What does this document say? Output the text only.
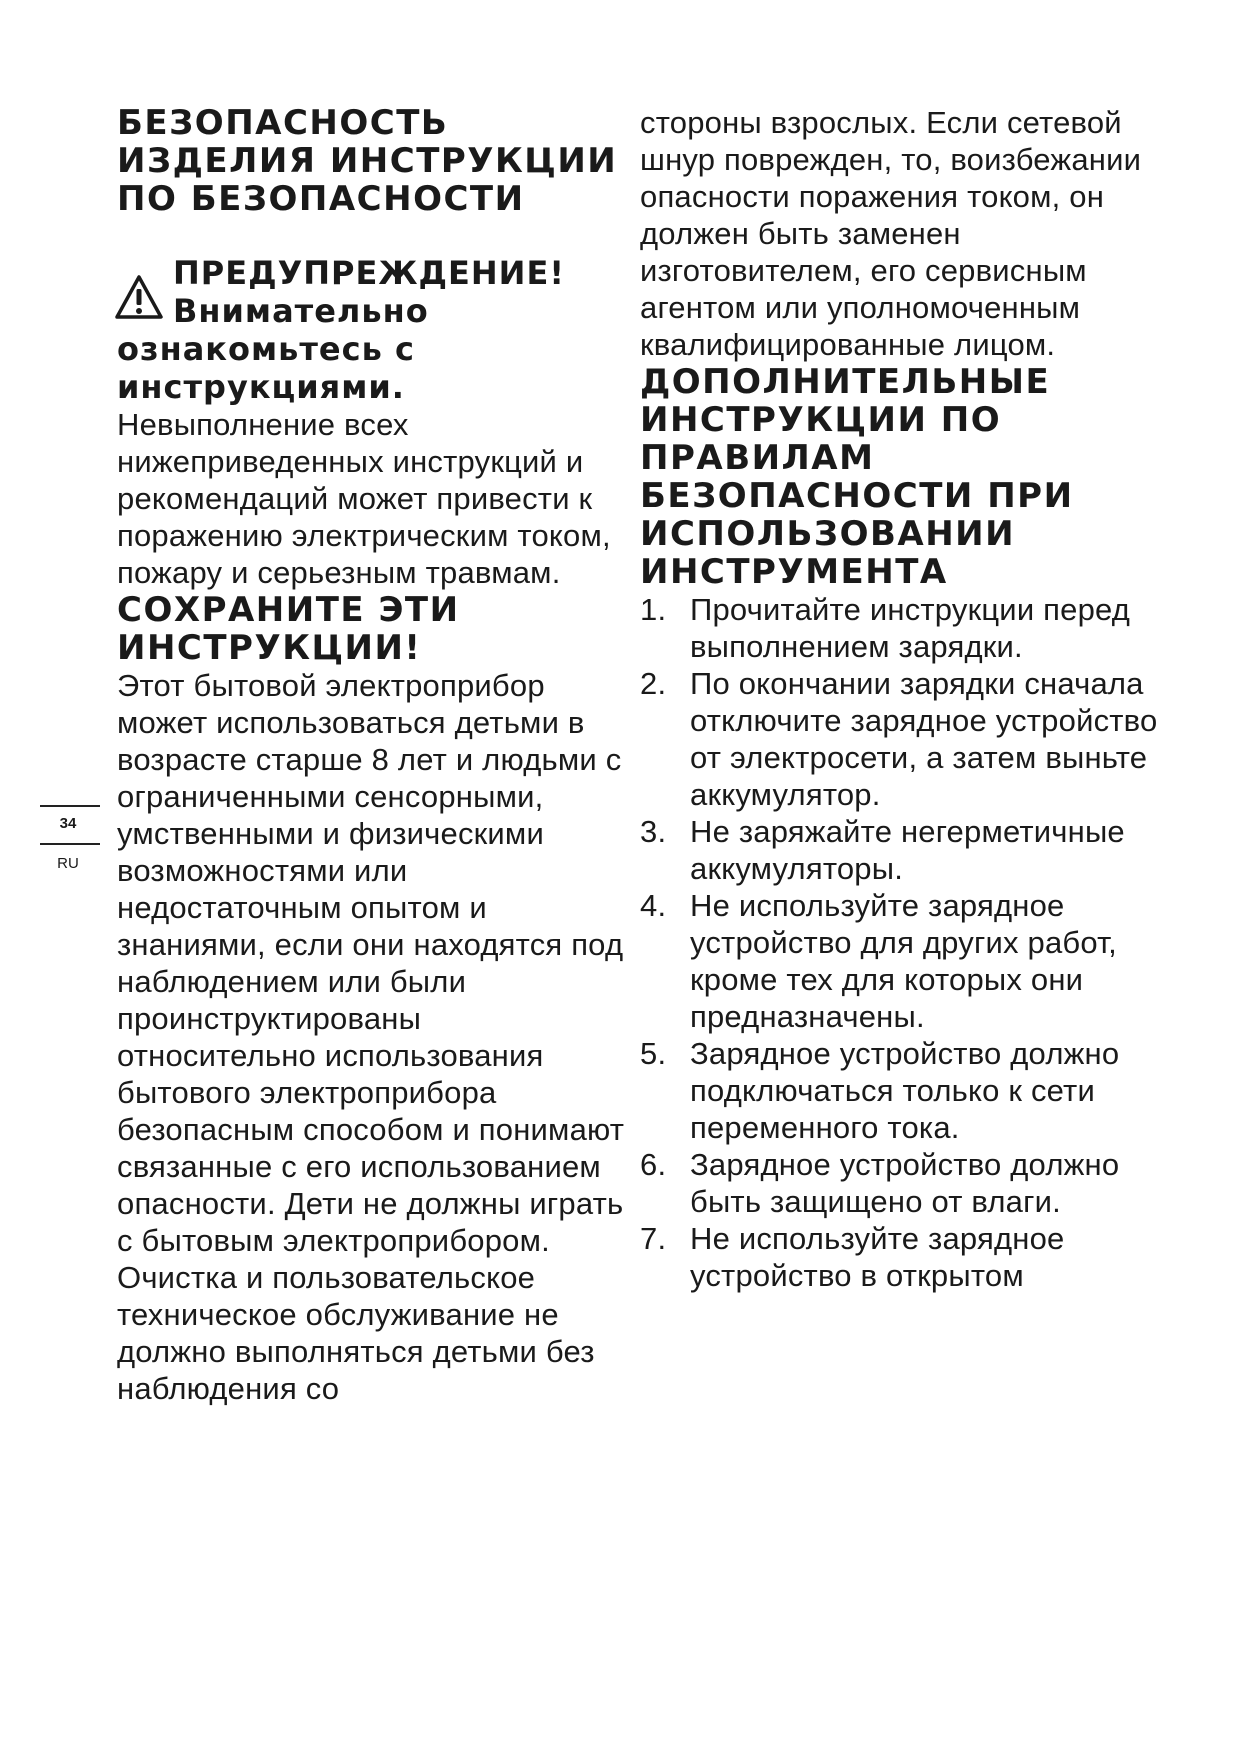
34
RU
БЕЗОПАСНОСТЬ ИЗДЕЛИЯ ИНСТРУКЦИИ ПО БЕЗОПАСНОСТИ

ПРЕДУПРЕЖДЕНИЕ!
Внимательно ознакомьтесь с инструкциями.

Невыполнение всех нижеприведенных инструкций и рекомендаций может привести к поражению электрическим током, пожару и серьезным травмам.

СОХРАНИТЕ ЭТИ ИНСТРУКЦИИ!

Этот бытовой электроприбор может использоваться детьми в возрасте старше 8 лет и людьми с ограниченными сенсорными, умственными и физическими возможностями или недостаточным опытом и знаниями, если они находятся под наблюдением или были проинструктированы относительно использования бытового электроприбора безопасным способом и понимают связанные с его использованием опасности. Дети не должны играть с бытовым электроприбором. Очистка и пользовательское техническое обслуживание не должно выполняться детьми без наблюдения со

стороны взрослых. Если сетевой шнур поврежден, то, воизбежании опасности поражения током, он должен быть заменен изготовителем, его сервисным агентом или уполномоченным квалифицированные лицом.

ДОПОЛНИТЕЛЬНЫЕ ИНСТРУКЦИИ ПО ПРАВИЛАМ БЕЗОПАСНОСТИ ПРИ ИСПОЛЬЗОВАНИИ ИНСТРУМЕНТА
1. Прочитайте инструкции перед выполнением зарядки.
2. По окончании зарядки сначала отключите зарядное устройство от электросети, а затем выньте аккумулятор.
3. Не заряжайте негерметичные аккумуляторы.
4. Не используйте зарядное устройство для других работ, кроме тех для которых они предназначены.
5. Зарядное устройство должно подключаться только к сети переменного тока.
6. Зарядное устройство должно быть защищено от влаги.
7. Не используйте зарядное устройство в открытом
